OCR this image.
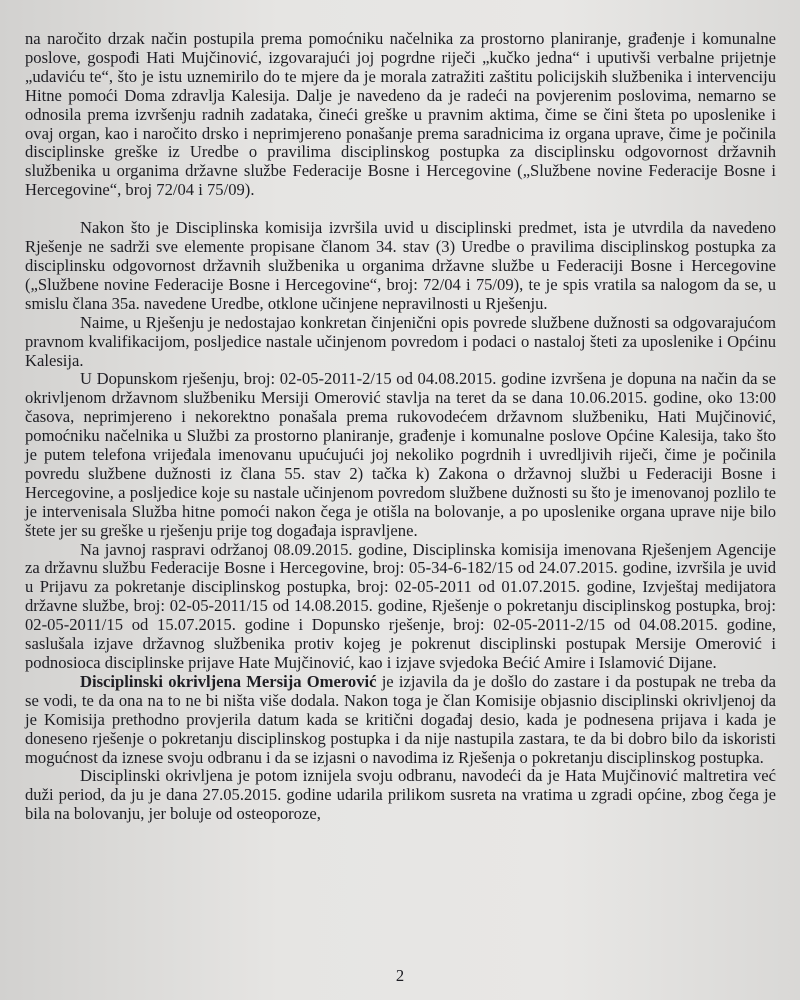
na naročito drzak način postupila prema pomoćniku načelnika za prostorno planiranje, građenje i komunalne poslove, gospođi Hati Mujčinović, izgovarajući joj pogrdne riječi „kučko jedna“ i uputivši verbalne prijetnje „udaviću te“, što je istu uznemirilo do te mjere da je morala zatražiti zaštitu policijskih službenika i intervenciju Hitne pomoći Doma zdravlja Kalesija. Dalje je navedeno da je radeći na povjerenim poslovima, nemarno se odnosila prema izvršenju radnih zadataka, čineći greške u pravnim aktima, čime se čini šteta po uposlenike i ovaj organ, kao i naročito drsko i neprimjereno ponašanje prema saradnicima iz organa uprave, čime je počinila disciplinske greške iz Uredbe o pravilima disciplinskog postupka za disciplinsku odgovornost državnih službenika u organima državne službe Federacije Bosne i Hercegovine („Službene novine Federacije Bosne i Hercegovine“, broj 72/04 i 75/09).

Nakon što je Disciplinska komisija izvršila uvid u disciplinski predmet, ista je utvrdila da navedeno Rješenje ne sadrži sve elemente propisane članom 34. stav (3) Uredbe o pravilima disciplinskog postupka za disciplinsku odgovornost državnih službenika u organima državne službe u Federaciji Bosne i Hercegovine („Službene novine Federacije Bosne i Hercegovine“, broj: 72/04 i 75/09), te je spis vratila sa nalogom da se, u smislu člana 35a. navedene Uredbe, otklone učinjene nepravilnosti u Rješenju.

Naime, u Rješenju je nedostajao konkretan činjenični opis povrede službene dužnosti sa odgovarajućom pravnom kvalifikacijom, posljedice nastale učinjenom povredom i podaci o nastaloj šteti za uposlenike i Općinu Kalesija.

U Dopunskom rješenju, broj: 02-05-2011-2/15 od 04.08.2015. godine izvršena je dopuna na način da se okrivljenom državnom službeniku Mersiji Omerović stavlja na teret da se dana 10.06.2015. godine, oko 13:00 časova, neprimjereno i nekorektno ponašala prema rukovodećem državnom službeniku, Hati Mujčinović, pomoćniku načelnika u Službi za prostorno planiranje, građenje i komunalne poslove Općine Kalesija, tako što je putem telefona vrijeđala imenovanu upućujući joj nekoliko pogrdnih i uvredljivih riječi, čime je počinila povredu službene dužnosti iz člana 55. stav 2) tačka k) Zakona o državnoj službi u Federaciji Bosne i Hercegovine, a posljedice koje su nastale učinjenom povredom službene dužnosti su što je imenovanoj pozlilo te je intervenisala Služba hitne pomoći nakon čega je otišla na bolovanje, a po uposlenike organa uprave nije bilo štete jer su greške u rješenju prije tog događaja ispravljene.

Na javnoj raspravi održanoj 08.09.2015. godine, Disciplinska komisija imenovana Rješenjem Agencije za državnu službu Federacije Bosne i Hercegovine, broj: 05-34-6-182/15 od 24.07.2015. godine, izvršila je uvid u Prijavu za pokretanje disciplinskog postupka, broj: 02-05-2011 od 01.07.2015. godine, Izvještaj medijatora državne službe, broj: 02-05-2011/15 od 14.08.2015. godine, Rješenje o pokretanju disciplinskog postupka, broj: 02-05-2011/15 od 15.07.2015. godine i Dopunsko rješenje, broj: 02-05-2011-2/15 od 04.08.2015. godine, saslušala izjave državnog službenika protiv kojeg je pokrenut disciplinski postupak Mersije Omerović i podnosioca disciplinske prijave Hate Mujčinović, kao i izjave svjedoka Bećić Amire i Islamović Dijane.

Disciplinski okrivljena Mersija Omerović je izjavila da je došlo do zastare i da postupak ne treba da se vodi, te da ona na to ne bi ništa više dodala. Nakon toga je član Komisije objasnio disciplinski okrivljenoj da je Komisija prethodno provjerila datum kada se kritični događaj desio, kada je podnesena prijava i kada je doneseno rješenje o pokretanju disciplinskog postupka i da nije nastupila zastara, te da bi dobro bilo da iskoristi mogućnost da iznese svoju odbranu i da se izjasni o navodima iz Rješenja o pokretanju disciplinskog postupka.

Disciplinski okrivljena je potom iznijela svoju odbranu, navodeći da je Hata Mujčinović maltretira već duži period, da ju je dana 27.05.2015. godine udarila prilikom susreta na vratima u zgradi općine, zbog čega je bila na bolovanju, jer boluje od osteoporoze,

2
